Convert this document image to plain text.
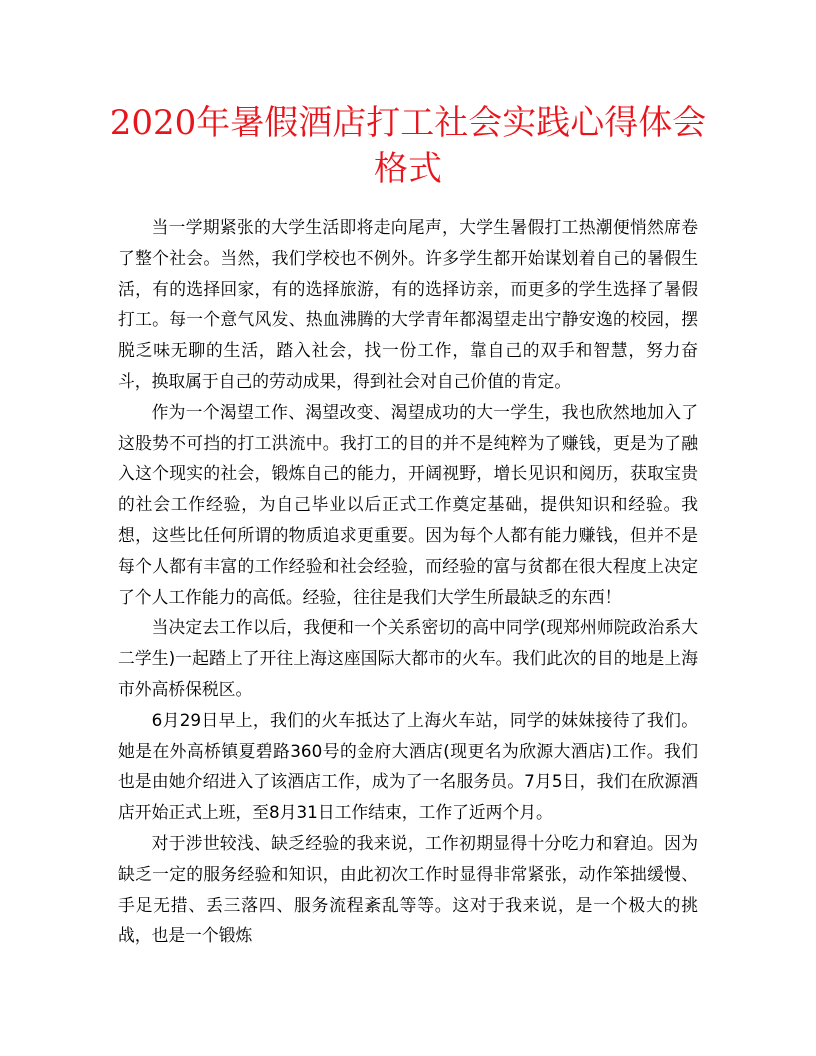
2020年暑假酒店打工社会实践心得体会格式

当一学期紧张的大学生活即将走向尾声，大学生暑假打工热潮便悄然席卷了整个社会。当然，我们学校也不例外。许多学生都开始谋划着自己的暑假生活，有的选择回家，有的选择旅游，有的选择访亲，而更多的学生选择了暑假打工。每一个意气风发、热血沸腾的大学青年都渴望走出宁静安逸的校园，摆脱乏味无聊的生活，踏入社会，找一份工作，靠自己的双手和智慧，努力奋斗，换取属于自己的劳动成果，得到社会对自己价值的肯定。

作为一个渴望工作、渴望改变、渴望成功的大一学生，我也欣然地加入了这股势不可挡的打工洪流中。我打工的目的并不是纯粹为了赚钱，更是为了融入这个现实的社会，锻炼自己的能力，开阔视野，增长见识和阅历，获取宝贵的社会工作经验，为自己毕业以后正式工作奠定基础，提供知识和经验。我想，这些比任何所谓的物质追求更重要。因为每个人都有能力赚钱，但并不是每个人都有丰富的工作经验和社会经验，而经验的富与贫都在很大程度上决定了个人工作能力的高低。经验，往往是我们大学生所最缺乏的东西！

当决定去工作以后，我便和一个关系密切的高中同学(现郑州师院政治系大二学生)一起踏上了开往上海这座国际大都市的火车。我们此次的目的地是上海市外高桥保税区。

6月29日早上，我们的火车抵达了上海火车站，同学的妹妹接待了我们。她是在外高桥镇夏碧路360号的金府大酒店(现更名为欣源大酒店)工作。我们也是由她介绍进入了该酒店工作，成为了一名服务员。7月5日，我们在欣源酒店开始正式上班，至8月31日工作结束，工作了近两个月。

对于涉世较浅、缺乏经验的我来说，工作初期显得十分吃力和窘迫。因为缺乏一定的服务经验和知识，由此初次工作时显得非常紧张，动作笨拙缓慢、手足无措、丢三落四、服务流程紊乱等等。这对于我来说，是一个极大的挑战，也是一个锻炼
